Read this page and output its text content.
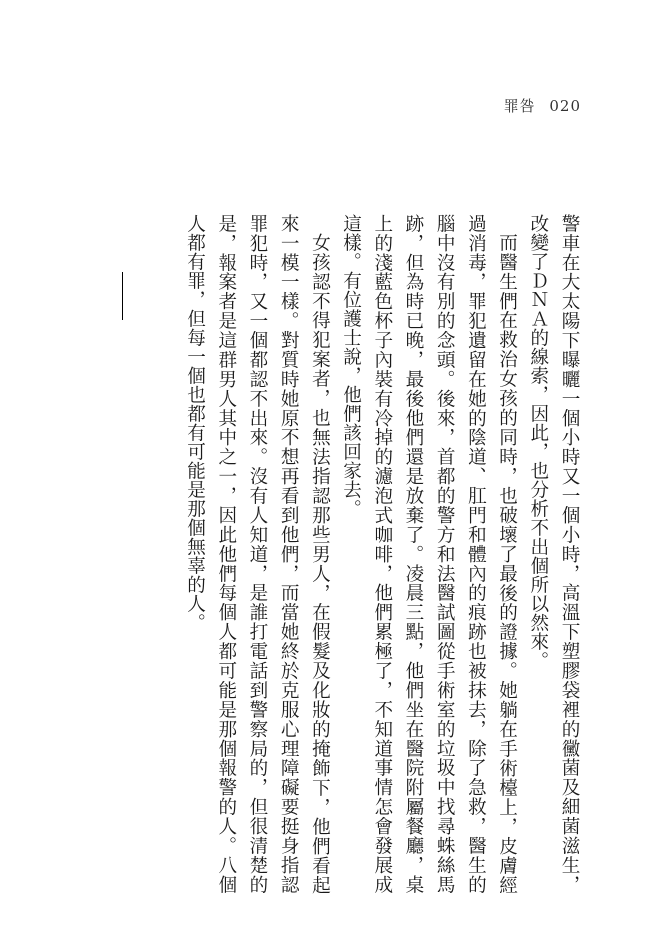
罪咎 020

警車在大太陽下曝曬一個小時又一個小時，高溫下塑膠袋裡的黴菌及細菌滋生，改變了ＤＮＡ的線索，因此，也分析不出個所以然來。

而醫生們在救治女孩的同時，也破壞了最後的證據。她躺在手術檯上，皮膚經過消毒，罪犯遺留在她的陰道、肛門和體內的痕跡也被抹去，除了急救，醫生的腦中沒有別的念頭。後來，首都的警方和法醫試圖從手術室的垃圾中找尋蛛絲馬跡，但為時已晚，最後他們還是放棄了。凌晨三點，他們坐在醫院附屬餐廳，桌上的淺藍色杯子內裝有冷掉的濾泡式咖啡，他們累極了，不知道事情怎會發展成這樣。有位護士說，他們該回家去。

女孩認不得犯案者，也無法指認那些男人，在假髮及化妝的掩飾下，他們看起來一模一樣。對質時她原不想再看到他們，而當她終於克服心理障礙要挺身指認罪犯時，又一個都認不出來。沒有人知道，是誰打電話到警察局的，但很清楚的是，報案者是這群男人其中之一，因此他們每個人都可能是那個報警的人。八個人都有罪，但每一個也都有可能是那個無辜的人。
